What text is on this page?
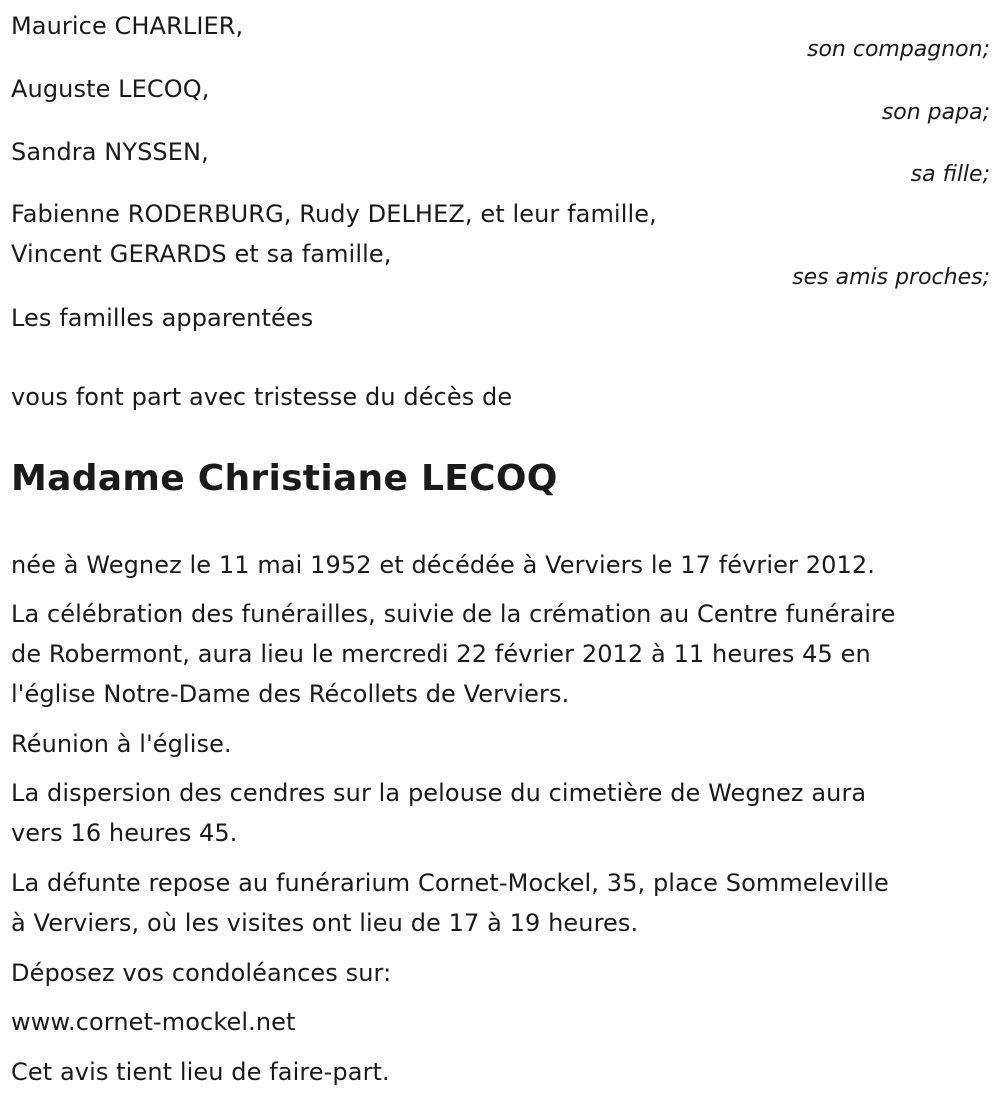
Maurice CHARLIER,
son compagnon;
Auguste LECOQ,
son papa;
Sandra NYSSEN,
sa fille;
Fabienne RODERBURG, Rudy DELHEZ, et leur famille,
Vincent GERARDS et sa famille,
ses amis proches;
Les familles apparentées
vous font part avec tristesse du décès de
Madame Christiane LECOQ
née à Wegnez le 11 mai 1952 et décédée à Verviers le 17 février 2012.
La célébration des funérailles, suivie de la crémation au Centre funéraire
de Robermont, aura lieu le mercredi 22 février 2012 à 11 heures 45 en
l'église Notre-Dame des Récollets de Verviers.
Réunion à l'église.
La dispersion des cendres sur la pelouse du cimetière de Wegnez aura
vers 16 heures 45.
La défunte repose au funérarium Cornet-Mockel, 35, place Sommeleville
à Verviers, où les visites ont lieu de 17 à 19 heures.
Déposez vos condoléances sur:
www.cornet-mockel.net
Cet avis tient lieu de faire-part.
